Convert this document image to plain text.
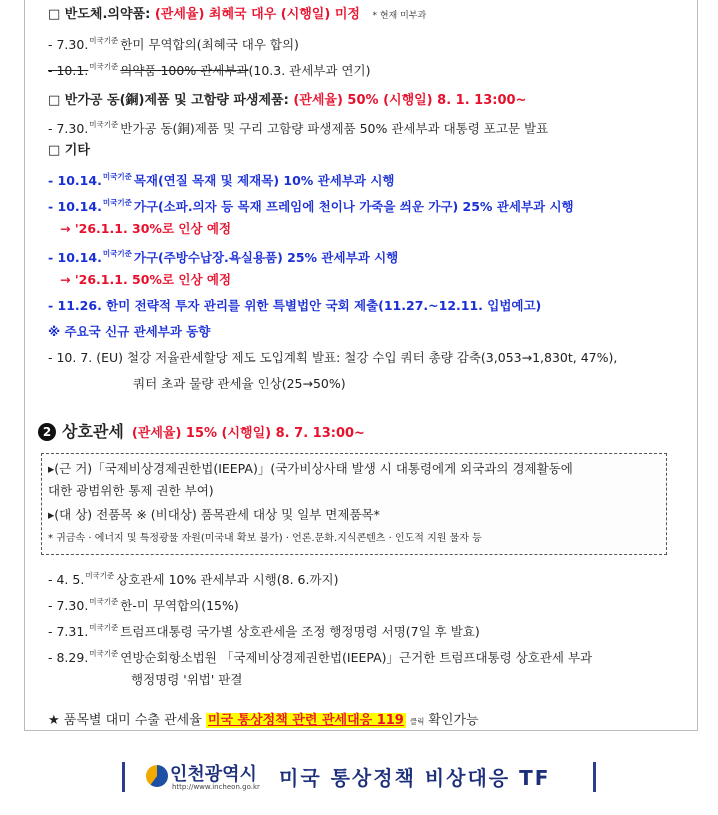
□ 반도체.의약품: (관세율) 최혜국 대우 (시행일) 미정 * 현재 미부과
- 7.30.$^{미국기준}$ 한미 무역합의(최혜국 대우 합의)
- 10.1.$^{미국기준}$ 의약품 100% 관세부과(10.3. 관세부과 연기)
□ 반가공 동(銅)제품 및 고함량 파생제품: (관세율) 50% (시행일) 8. 1. 13:00~
- 7.30.$^{미국기준}$ 반가공 동(銅)제품 및 구리 고함량 파생제품 50% 관세부과 대통령 포고문 발표
□ 기타
- 10.14.$^{미국기준}$ 목재(연질 목재 및 제재목) 10% 관세부과 시행
- 10.14.$^{미국기준}$ 가구(소파.의자 등 목재 프레임에 천이나 가죽을 씌운 가구) 25% 관세부과 시행
→ '26.1.1. 30%로 인상 예정
- 10.14.$^{미국기준}$ 가구(주방수납장.욕실용품) 25% 관세부과 시행
→ '26.1.1. 50%로 인상 예정
- 11.26. 한미 전략적 투자 관리를 위한 특별법안 국회 제출(11.27.~12.11. 입법예고)
※ 주요국 신규 관세부과 동향
- 10. 7. (EU) 철강 저율관세할당 제도 도입계획 발표: 철강 수입 쿼터 총량 감축(3,053→1,830t, 47%),
쿼터 초과 물량 관세율 인상(25→50%)
2 상호관세 (관세율) 15% (시행일) 8. 7. 13:00~
▸(근 거)「국제비상경제권한법(IEEPA)」(국가비상사태 발생 시 대통령에게 외국과의 경제활동에
대한 광범위한 통제 권한 부여)
▸(대 상) 전품목 ※ (비대상) 품목관세 대상 및 일부 면제품목*
* 귀금속 · 에너지 및 특정광물 자원(미국내 확보 불가) · 언론.문화.지식콘텐츠 · 인도적 지원 물자 등
- 4. 5.$^{미국기준}$ 상호관세 10% 관세부과 시행(8. 6.까지)
- 7.30.$^{미국기준}$ 한-미 무역합의(15%)
- 7.31.$^{미국기준}$ 트럼프대통령 국가별 상호관세을 조정 행정명령 서명(7일 후 발효)
- 8.29.$^{미국기준}$ 연방순회항소법원 「국제비상경제권한법(IEEPA)」근거한 트럼프대통령 상호관세 부과
행정명령 '위법' 판결
★ 품목별 대미 수출 관세율 미국 통상정책 관련 관세대응 119 클릭 확인가능
인천광역시
http://www.incheon.go.kr 미국 통상정책 비상대응 TF
